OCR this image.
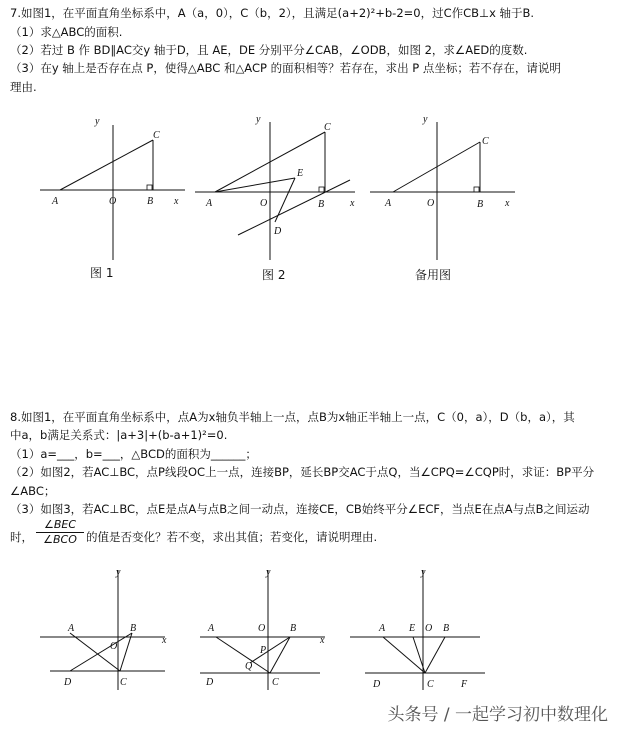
7.如图1，在平面直角坐标系中，A（a，0），C（b，2），且满足(a+2)²+b-2=0，过C作CB⊥x 轴于B.
（1）求△ABC的面积.
（2）若过 B 作 BD∥AC交y 轴于D，且 AE，DE 分别平分∠CAB，∠ODB，如图 2，求∠AED的度数.
（3）在y 轴上是否存在点 P，使得△ABC 和△ACP 的面积相等？若存在，求出 P 点坐标；若不存在，请说明
理由.
A	O	B
C
x
y
图 1
A	O	B
C
E
D
x
y
图 2
A	O	B
C
x
y
备用图
8.如图1，在平面直角坐标系中，点A为x轴负半轴上一点，点B为x轴正半轴上一点，C（0，a），D（b，a），其
中a，b满足关系式：|a+3|+(b-a+1)²=0.
（1）a=___，b=___，△BCD的面积为______；
（2）如图2，若AC⊥BC，点P线段OC上一点，连接BP，延长BP交AC于点Q，当∠CPQ=∠CQP时，求证：BP平分
∠ABC；
（3）如图3，若AC⊥BC，点E是点A与点B之间一动点，连接CE，CB始终平分∠ECF，当点E在点A与点B之间运动
时，
∠BEC
∠BCO 的值是否变化？若不变，求出其值；若变化，请说明理由.
A
O
B
D	C
x
y
A	O B
P
Q
D	C
x
y
A E O B
D	C	F
y
头条号 / 一起学习初中数理化
